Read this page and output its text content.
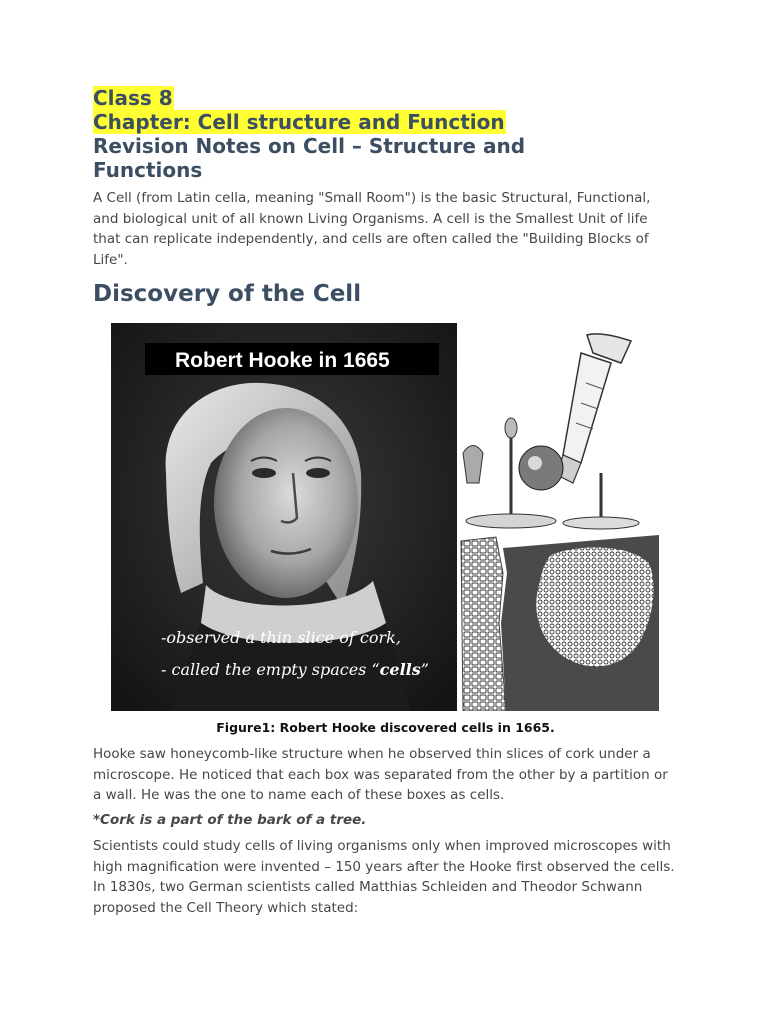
Class 8
Chapter: Cell structure and Function
Revision Notes on Cell – Structure and Functions

A Cell (from Latin cella, meaning "Small Room") is the basic Structural, Functional, and biological unit of all known Living Organisms. A cell is the Smallest Unit of life that can replicate independently, and cells are often called the "Building Blocks of Life".

Discovery of the Cell
Robert Hooke in 1665
-observed a thin slice of cork,
- called the empty spaces “cells”
Figure1: Robert Hooke discovered cells in 1665.

Hooke saw honeycomb-like structure when he observed thin slices of cork under a microscope. He noticed that each box was separated from the other by a partition or a wall. He was the one to name each of these boxes as cells.

*Cork is a part of the bark of a tree.

Scientists could study cells of living organisms only when improved microscopes with high magnification were invented – 150 years after the Hooke first observed the cells. In 1830s, two German scientists called Matthias Schleiden and Theodor Schwann proposed the Cell Theory which stated:
